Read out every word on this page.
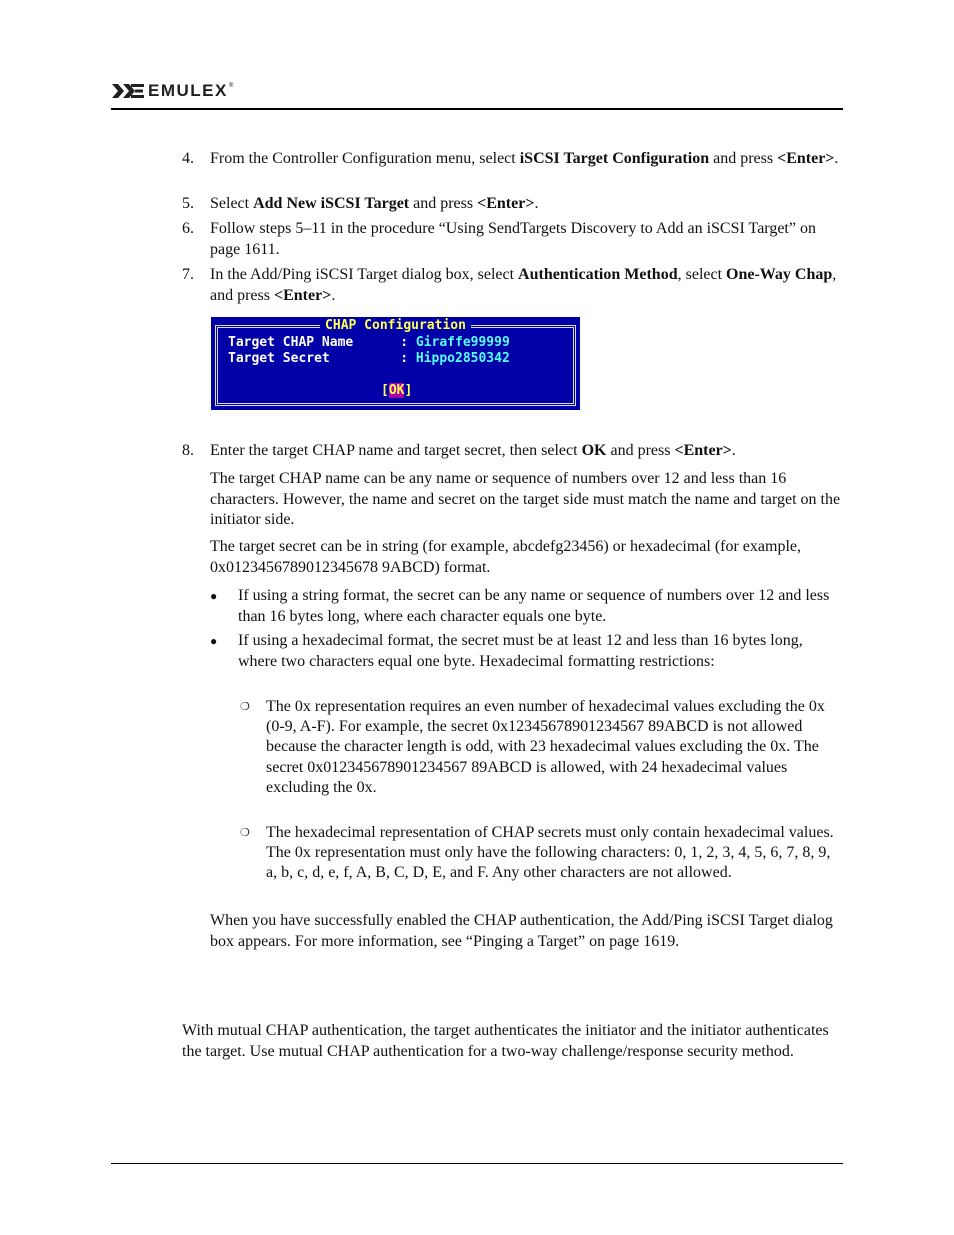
EMULEX ®
4. From the Controller Configuration menu, select iSCSI Target Configuration and press <Enter>.
5. Select Add New iSCSI Target and press <Enter>.
6. Follow steps 5–11 in the procedure “Using SendTargets Discovery to Add an iSCSI Target” on page 1611.
7. In the Add/Ping iSCSI Target dialog box, select Authentication Method, select One-Way Chap, and press <Enter>.
CHAP Configuration
Target CHAP Name	: Giraffe99999
Target Secret	: Hippo2850342
[OK]
8. Enter the target CHAP name and target secret, then select OK and press <Enter>.
The target CHAP name can be any name or sequence of numbers over 12 and less than 16 characters. However, the name and secret on the target side must match the name and target on the initiator side.
The target secret can be in string (for example, abcdefg23456) or hexadecimal (for example, 0x0123456789012345678 9ABCD) format.
● If using a string format, the secret can be any name or sequence of numbers over 12 and less than 16 bytes long, where each character equals one byte.
● If using a hexadecimal format, the secret must be at least 12 and less than 16 bytes long, where two characters equal one byte. Hexadecimal formatting restrictions:
❍ The 0x representation requires an even number of hexadecimal values excluding the 0x (0-9, A-F). For example, the secret 0x12345678901234567 89ABCD is not allowed because the character length is odd, with 23 hexadecimal values excluding the 0x. The secret 0x012345678901234567 89ABCD is allowed, with 24 hexadecimal values excluding the 0x.
❍ The hexadecimal representation of CHAP secrets must only contain hexadecimal values. The 0x representation must only have the following characters: 0, 1, 2, 3, 4, 5, 6, 7, 8, 9, a, b, c, d, e, f, A, B, C, D, E, and F. Any other characters are not allowed.
When you have successfully enabled the CHAP authentication, the Add/Ping iSCSI Target dialog box appears. For more information, see “Pinging a Target” on page 1619.
With mutual CHAP authentication, the target authenticates the initiator and the initiator authenticates the target. Use mutual CHAP authentication for a two-way challenge/response security method.
